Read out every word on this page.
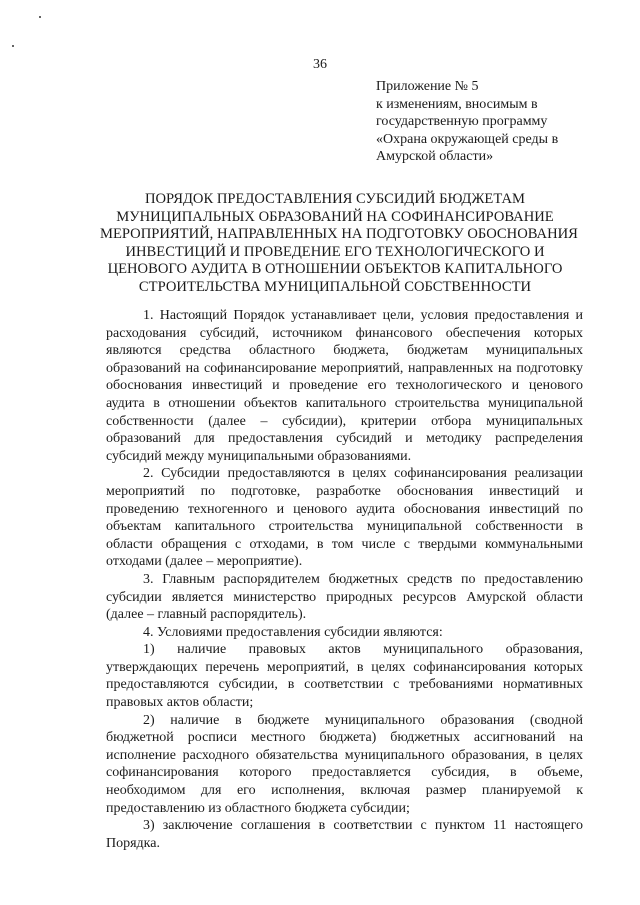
36
Приложение № 5
к изменениям, вносимым в
государственную программу
«Охрана окружающей среды в
Амурской области»
ПОРЯДОК ПРЕДОСТАВЛЕНИЯ СУБСИДИЙ БЮДЖЕТАМ
МУНИЦИПАЛЬНЫХ ОБРАЗОВАНИЙ НА СОФИНАНСИРОВАНИЕ
МЕРОПРИЯТИЙ, НАПРАВЛЕННЫХ НА ПОДГОТОВКУ ОБОСНОВАНИЯ
ИНВЕСТИЦИЙ И ПРОВЕДЕНИЕ ЕГО ТЕХНОЛОГИЧЕСКОГО И
ЦЕНОВОГО АУДИТА В ОТНОШЕНИИ ОБЪЕКТОВ КАПИТАЛЬНОГО
СТРОИТЕЛЬСТВА МУНИЦИПАЛЬНОЙ СОБСТВЕННОСТИ
1. Настоящий Порядок устанавливает цели, условия предоставления и
расходования субсидий, источником финансового обеспечения которых
являются средства областного бюджета, бюджетам муниципальных
образований на софинансирование мероприятий, направленных на подготовку
обоснования инвестиций и проведение его технологического и ценового
аудита в отношении объектов капитального строительства муниципальной
собственности (далее – субсидии), критерии отбора муниципальных
образований для предоставления субсидий и методику распределения
субсидий между муниципальными образованиями.
2. Субсидии предоставляются в целях софинансирования реализации
мероприятий по подготовке, разработке обоснования инвестиций и
проведению техногенного и ценового аудита обоснования инвестиций по
объектам капитального строительства муниципальной собственности в
области обращения с отходами, в том числе с твердыми коммунальными
отходами (далее – мероприятие).
3. Главным распорядителем бюджетных средств по предоставлению
субсидии является министерство природных ресурсов Амурской области
(далее – главный распорядитель).
4. Условиями предоставления субсидии являются:
1) наличие правовых актов муниципального образования,
утверждающих перечень мероприятий, в целях софинансирования которых
предоставляются субсидии, в соответствии с требованиями нормативных
правовых актов области;
2) наличие в бюджете муниципального образования (сводной
бюджетной росписи местного бюджета) бюджетных ассигнований на
исполнение расходного обязательства муниципального образования, в целях
софинансирования которого предоставляется субсидия, в объеме,
необходимом для его исполнения, включая размер планируемой к
предоставлению из областного бюджета субсидии;
3) заключение соглашения в соответствии с пунктом 11 настоящего
Порядка.
